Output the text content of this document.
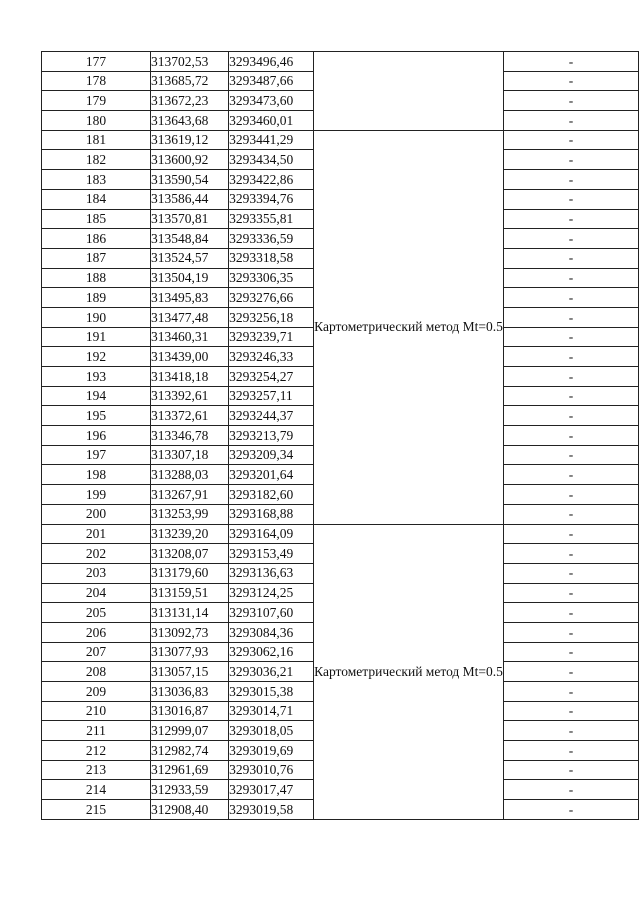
177	313702,53	3293496,46		-
178	313685,72	3293487,66		-
179	313672,23	3293473,60		-
180	313643,68	3293460,01		-
181	313619,12	3293441,29	Картометрический метод Mt=0.5	-
182	313600,92	3293434,50		-
183	313590,54	3293422,86		-
184	313586,44	3293394,76		-
185	313570,81	3293355,81		-
186	313548,84	3293336,59		-
187	313524,57	3293318,58		-
188	313504,19	3293306,35		-
189	313495,83	3293276,66		-
190	313477,48	3293256,18		-
191	313460,31	3293239,71		-
192	313439,00	3293246,33		-
193	313418,18	3293254,27		-
194	313392,61	3293257,11		-
195	313372,61	3293244,37		-
196	313346,78	3293213,79		-
197	313307,18	3293209,34		-
198	313288,03	3293201,64		-
199	313267,91	3293182,60		-
200	313253,99	3293168,88		-
201	313239,20	3293164,09	Картометрический метод Mt=0.5	-
202	313208,07	3293153,49		-
203	313179,60	3293136,63		-
204	313159,51	3293124,25		-
205	313131,14	3293107,60		-
206	313092,73	3293084,36		-
207	313077,93	3293062,16		-
208	313057,15	3293036,21		-
209	313036,83	3293015,38		-
210	313016,87	3293014,71		-
211	312999,07	3293018,05		-
212	312982,74	3293019,69		-
213	312961,69	3293010,76		-
214	312933,59	3293017,47		-
215	312908,40	3293019,58		-
